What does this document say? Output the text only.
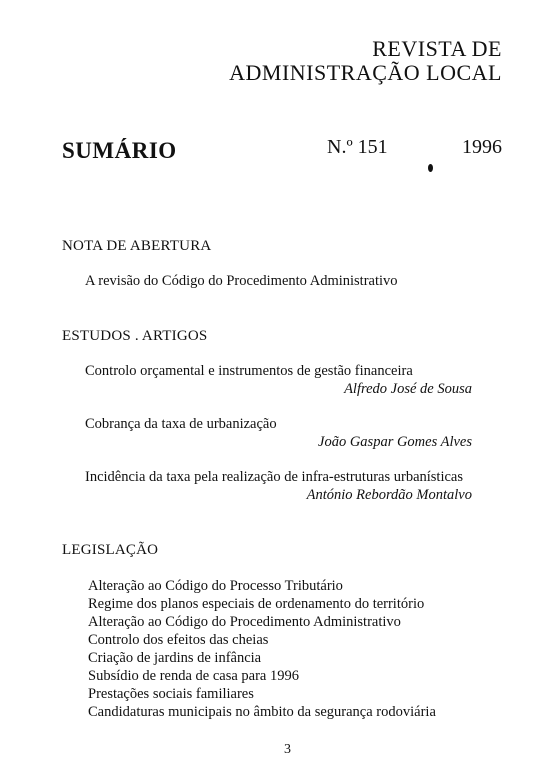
REVISTA DE
ADMINISTRAÇÃO LOCAL
SUMÁRIO	N.º 151	1996
NOTA DE ABERTURA
A revisão do Código do Procedimento Administrativo
ESTUDOS . ARTIGOS
Controlo orçamental e instrumentos de gestão financeira
Alfredo José de Sousa
Cobrança da taxa de urbanização
João Gaspar Gomes Alves
Incidência da taxa pela realização de infra-estruturas urbanísticas
António Rebordão Montalvo
LEGISLAÇÃO
Alteração ao Código do Processo Tributário
Regime dos planos especiais de ordenamento do território
Alteração ao Código do Procedimento Administrativo
Controlo dos efeitos das cheias
Criação de jardins de infância
Subsídio de renda de casa para 1996
Prestações sociais familiares
Candidaturas municipais no âmbito da segurança rodoviária
3
